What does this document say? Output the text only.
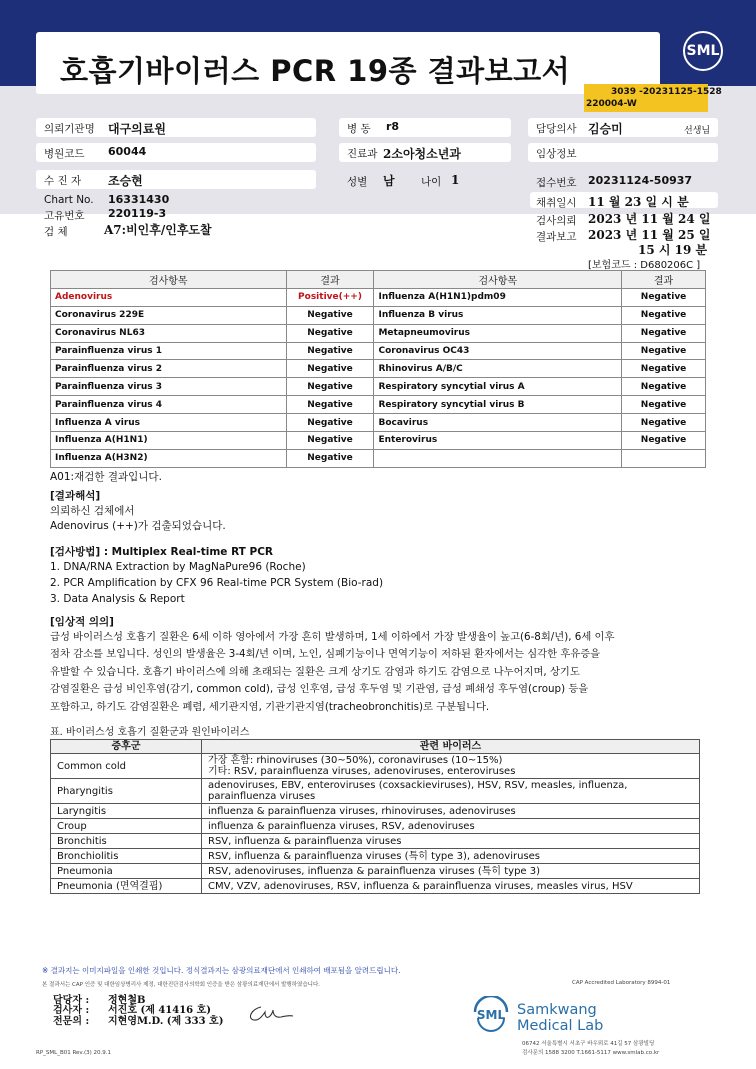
호흡기바이러스 PCR 19종 결과보고서
SML
3039 -20231125-1528
220004-W
의뢰기관명 대구의료원
병원코드 60044
수 진 자 조승현
병 동 r8
진료과 2소아청소년과
성별 남	나이 1
담당의사 김승미	선생님
임상정보
접수번호 20231124-50937
Chart No. 16331430
고유번호 220119-3
검 체	A7:비인후/인후도찰
채취일시 11 월 23 일 시 분
검사의뢰 2023 년 11 월 24 일
결과보고 2023 년 11 월 25 일
15 시 19 분
[보험코드 : D680206C ]
검사항목	결과	검사항목	결과
Adenovirus	Positive(++)	Influenza A(H1N1)pdm09	Negative
Coronavirus 229E	Negative	Influenza B virus	Negative
Coronavirus NL63	Negative	Metapneumovirus	Negative
Parainfluenza virus 1	Negative	Coronavirus OC43	Negative
Parainfluenza virus 2	Negative	Rhinovirus A/B/C	Negative
Parainfluenza virus 3	Negative	Respiratory syncytial virus A	Negative
Parainfluenza virus 4	Negative	Respiratory syncytial virus B	Negative
Influenza A virus	Negative	Bocavirus	Negative
Influenza A(H1N1)	Negative	Enterovirus	Negative
Influenza A(H3N2)	Negative		
A01:재검한 결과입니다.
[결과해석]
의뢰하신 검체에서
Adenovirus (++)가 검출되었습니다.
[검사방법] : Multiplex Real-time RT PCR
1. DNA/RNA Extraction by MagNaPure96 (Roche)
2. PCR Amplification by CFX 96 Real-time PCR System (Bio-rad)
3. Data Analysis & Report
[임상적 의의]
급성 바이러스성 호흡기 질환은 6세 이하 영아에서 가장 흔히 발생하며, 1세 이하에서 가장 발생율이 높고(6-8회/년), 6세 이후
점차 감소를 보입니다. 성인의 발생율은 3-4회/년 이며, 노인, 심폐기능이나 면역기능이 저하된 환자에서는 심각한 후유증을
유발할 수 있습니다. 호흡기 바이러스에 의해 초래되는 질환은 크게 상기도 감염과 하기도 감염으로 나누어지며, 상기도
감염질환은 급성 비인후염(감기, common cold), 급성 인후염, 급성 후두염 및 기관염, 급성 폐쇄성 후두염(croup) 등을
포함하고, 하기도 감염질환은 폐렴, 세기관지염, 기관기관지염(tracheobronchitis)로 구분됩니다.
표. 바이러스성 호흡기 질환군과 원인바이러스
증후군	관련 바이러스
Common cold	가장 흔함: rhinoviruses (30~50%), coronaviruses (10~15%)
기타: RSV, parainfluenza viruses, adenoviruses, enteroviruses

Pharyngitis	adenoviruses, EBV, enteroviruses (coxsackieviruses), HSV, RSV, measles, influenza,
parainfluenza viruses

Laryngitis	influenza & parainfluenza viruses, rhinoviruses, adenoviruses
Croup	influenza & parainfluenza viruses, RSV, adenoviruses
Bronchitis	RSV, influenza & parainfluenza viruses
Bronchiolitis	RSV, influenza & parainfluenza viruses (특히 type 3), adenoviruses
Pneumonia	RSV, adenoviruses, influenza & parainfluenza viruses (특히 type 3)
Pneumonia (면역결핍)	CMV, VZV, adenoviruses, RSV, influenza & parainfluenza viruses, measles virus, HSV
※ 결과지는 이미지파일을 인쇄한 것입니다. 정식결과지는 삼광의료재단에서 인쇄하여 배포됨을 알려드립니다.
본 결과서는 CAP 인증 및 대한임상병리사 제정, 대한진단검사의학회 인증을 받은 삼광의료재단에서 발행하였습니다.	CAP Accredited Laboratory 8994-01
담당자 : 정현철B
검사자 : 서진호 (제 41416 호)
전문의 : 지현영M.D. (제 333 호)	SML Samkwang
Medical Lab
06742 서울특별시 서초구 바우뫼로 41길 57 삼광빌딩
검사문의 1588 3200 T.1661-5117 www.smlab.co.kr
RP_SML_B01 Rev.(3) 20.9.1
